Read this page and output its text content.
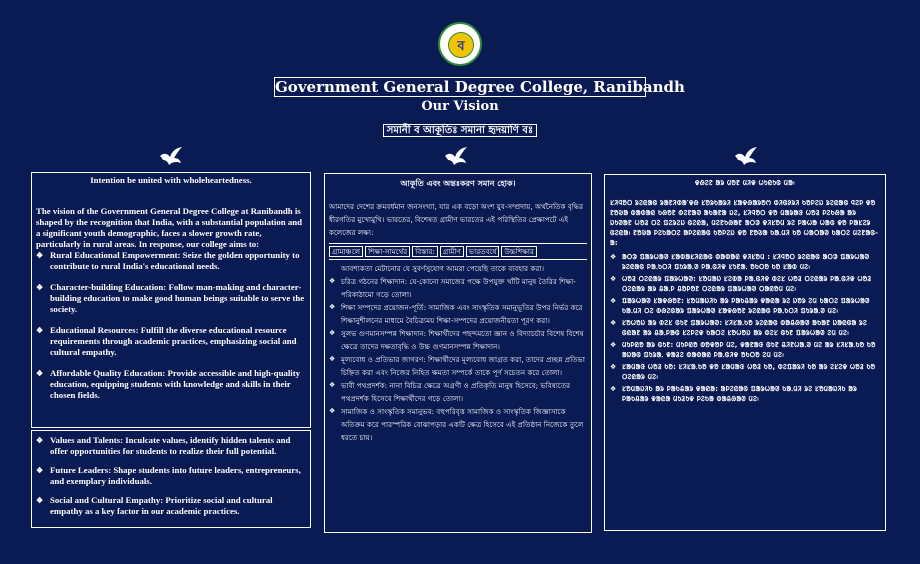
ব
Government General Degree College, Ranibandh
Our Vision
সমানী ব আকূতিঃ সমানা হৃদয়াণি বঃ
Intention be united with wholeheartedness.

The vision of the Government General Degree College at Ranibandh is shaped by the recognition that India, with a substantial population and a significant youth demographic, faces a slower growth rate, particularly in rural areas. In response, our college aims to:

❖ Rural Educational Empowerment: Seize the golden opportunity to contribute to rural India's educational needs.
❖ Character-building Education: Follow man-making and character-building education to make good human beings suitable to serve the society.
❖ Educational Resources: Fulfill the diverse educational resource requirements through academic practices, emphasizing social and cultural empathy.
❖ Affordable Quality Education: Provide accessible and high-quality education, equipping students with knowledge and skills in their chosen fields.
❖ Values and Talents: Inculcate values, identify hidden talents and offer opportunities for students to realize their full potential.
❖ Future Leaders: Shape students into future leaders, entrepreneurs, and exemplary individuals.
❖ Social and Cultural Empathy: Prioritize social and cultural empathy as a key factor in our academic practices.
আকূতি এবং অন্তঃকরণ সমান হোক।
আমাদের দেশের ক্রমবর্ধমান জনসংখ্যা, যার এক বড়ো অংশ যুব-সম্প্রদায়, অর্থনৈতিক বৃদ্ধির ধীরগতির মুখোমুখি। ভারতের, বিশেষত গ্রামীণ ভারতের এই পরিস্থিতির প্রেক্ষাপটে এই কলেজের লক্ষ্য:
গ্রামাঞ্চলে শিক্ষা-সামর্থের বিস্তার: গ্রামীণ ভারতবর্ষে উচ্চশিক্ষার
আবশ্যকতা মেটানোর যে সুবর্ণসুযোগ আমরা পেয়েছি তাকে ব্যবহার করা।
❖ চরিত্র গঠনের শিক্ষাদান: যে-কোনো সমাজের পক্ষে উপযুক্ত খাঁটি মানুষ তৈরির শিক্ষা-পরিকাঠামো গড়ে তোলা।
❖ শিক্ষা সম্পদের প্রয়োজন-পূর্তি: সামাজিক এবং সাংস্কৃতিক সমানুভূতির উপর নির্ভর করে শিক্ষানুশীলনের মাধ্যমে বৈচিত্র্যময় শিক্ষা-সম্পদের প্রয়োজনীয়তা পূরণ করা।
❖ সুলভ গুণমানসম্পন্ন শিক্ষাদান: শিক্ষার্থীদের পছন্দমতো জ্ঞান ও বিদ্যাচর্চার বিশেষ বিশেষ ক্ষেত্রে তাদের দক্ষতাবৃদ্ধি ও উচ্চ গুণমানসম্পন্ন শিক্ষাদান।
❖ মূল্যবোধ ও প্রতিভার জাগরণ: শিক্ষার্থীদের মূল্যবোধ জাগ্রত করা, তাদের প্রচ্ছন্ন প্রতিভা চিহ্নিত করা এবং নিজের নিহিত ক্ষমতা সম্পর্কে তাকে পূর্ণ সচেতন করে তোলা।
❖ ভাবী পথপ্রদর্শক: নানা বিচিত্র ক্ষেত্রে অগ্রণী ও প্রতিকৃতি মানুষ হিসেবে; ভবিষ্যতের পথপ্রদর্শক হিসেবে শিক্ষার্থীদের গড়ে তোলা।
❖ সামাজিক ও সাংস্কৃতিক সমানুভব: বহুপরিবৃত্ত সামাজিক ও সাংস্কৃতিক জিজ্ঞাসাকে অতিক্রম করে পারস্পরিক বোঝাপড়ার একটি ক্ষেত্র হিসেবে এই প্রতিষ্ঠান নিজেকে তুলে ধরতে চায়।
ᱫᱷᱮᱱ ᱟᱨ ᱢᱚᱱ ᱢᱤᱫ ᱦᱩᱭᱩᱜ ᱢᱟ᱾

ᱥᱤᱧᱚᱛ ᱨᱮᱭᱟᱜ ᱨᱟᱱᱤᱵᱟᱸᱫᱷ ᱥᱚᱨᱠᱟᱨᱤ ᱥᱟᱫᱷᱟᱨᱚᱬ ᱰᱤᱜᱽᱨᱤ ᱠᱚᱞᱮᱡ ᱨᱮᱭᱟᱜ ᱧᱮᱞ ᱫᱚ ᱱᱚᱶᱟ ᱵᱟᱰᱟᱭ ᱠᱷᱚᱱ ᱵᱮᱱᱟᱣ ᱟᱠᱟᱱᱟ ᱡᱮ, ᱥᱤᱧᱚᱛ ᱫᱚ ᱢᱟᱨᱟᱝ ᱦᱚᱲ ᱞᱮᱠᱷᱟ ᱟᱨ ᱡᱩᱣᱟᱱ ᱦᱚᱲ ᱛᱮ ᱯᱮᱨᱮᱡ ᱜᱮᱭᱟ, ᱢᱮᱱᱠᱷᱟᱱ ᱟᱛᱳ ᱫᱤᱥᱚᱢ ᱨᱮ ᱞᱟᱦᱟ ᱦᱟᱜ ᱫᱚ ᱞᱟᱥᱮᱨ ᱜᱮᱭᱟ᱾ ᱱᱚᱶᱟ ᱞᱮᱠᱟᱛᱮ ᱟᱞᱮᱭᱟᱜ ᱠᱚᱞᱮᱡ ᱫᱚ ᱱᱚᱶᱟ ᱠᱟᱹᱢᱤ ᱠᱚ ᱦᱟᱛᱟᱣ ᱠᱟᱛᱮ ᱢᱮᱱᱟᱜ-ᱟ:

❖ ᱟᱛᱳ ᱯᱟᱨᱦᱟᱣ ᱥᱟᱵᱟᱥᱤᱭᱟᱜ ᱵᱟᱰᱟᱭ ᱫᱤᱥᱚᱢ : ᱥᱤᱧᱚᱛ ᱨᱮᱭᱟᱜ ᱟᱛᱳ ᱯᱟᱨᱦᱟᱣ ᱨᱮᱭᱟᱜ ᱞᱟᱹᱠᱛᱤ ᱯᱩᱨᱟᱹᱣ ᱞᱟᱹᱜᱤᱫ ᱥᱩᱱᱟᱹ ᱚᱠᱛᱚ ᱠᱚ ᱥᱟᱵ ᱢᱮ᱾
❖ ᱦᱚᱲ ᱛᱮᱭᱟᱨ ᱯᱟᱨᱦᱟᱣ: ᱥᱚᱢᱟᱡ ᱥᱮᱵᱟ ᱞᱟᱹᱜᱤᱫ ᱵᱮᱥ ᱦᱚᱲ ᱛᱮᱭᱟᱨ ᱞᱟᱹᱜᱤᱫ ᱦᱚᱲ ᱛᱮᱭᱟᱨ ᱟᱨ ᱪᱟᱹᱞ ᱪᱚᱞᱚᱱ ᱛᱮᱭᱟᱨ ᱯᱟᱨᱦᱟᱣ ᱛᱟᱭᱚᱢ ᱢᱮ᱾
❖ ᱯᱟᱨᱦᱟᱣ ᱥᱟᱫᱷᱚᱱ: ᱥᱚᱢᱟᱡᱤᱠ ᱟᱨ ᱞᱟᱠᱪᱟᱨ ᱫᱟᱭᱟ ᱨᱮ ᱡᱚᱨ ᱮᱢ ᱠᱟᱛᱮ ᱯᱟᱨᱦᱟᱣ ᱠᱟᱹᱢᱤ ᱛᱮ ᱵᱷᱮᱜᱟᱨ ᱯᱟᱨᱦᱟᱣ ᱥᱟᱫᱷᱚᱱ ᱨᱮᱭᱟᱜ ᱞᱟᱹᱠᱛᱤ ᱯᱩᱨᱟᱹᱣ ᱢᱮ᱾
❖ ᱥᱚᱦᱚᱡ ᱟᱨ ᱵᱮᱥ ᱜᱩᱱ ᱯᱟᱨᱦᱟᱣ: ᱥᱤᱥᱟᱹᱠᱚ ᱨᱮᱭᱟᱜ ᱵᱟᱪᱷᱟᱣ ᱟᱠᱟᱱ ᱡᱟᱭᱜᱟ ᱨᱮ ᱜᱭᱟᱱ ᱟᱨ ᱪᱟᱹᱞᱟᱜ ᱥᱮᱞᱮᱫ ᱠᱟᱛᱮ ᱥᱚᱦᱚᱡ ᱟᱨ ᱵᱮᱥ ᱜᱩᱱ ᱯᱟᱨᱦᱟᱣ ᱮᱢ ᱢᱮ᱾
❖ ᱢᱩᱞᱭᱚ ᱟᱨ ᱜᱩᱱ: ᱢᱩᱞᱭᱚ ᱵᱚᱫᱚᱞ ᱢᱮ, ᱫᱟᱱᱟᱝ ᱜᱩᱱ ᱪᱤᱱᱦᱟᱹᱣ ᱢᱮ ᱟᱨ ᱥᱤᱥᱟᱹᱠᱚ ᱠᱚ ᱟᱡᱟᱜ ᱯᱩᱨᱟᱹ ᱫᱟᱲᱮ ᱵᱟᱰᱟᱭ ᱞᱟᱹᱜᱤᱫ ᱚᱠᱛᱚ ᱮᱢ ᱢᱮ᱾
❖ ᱥᱟᱢᱟᱝ ᱦᱚᱲ ᱠᱚ: ᱥᱤᱥᱟᱹᱠᱚ ᱫᱚ ᱥᱟᱢᱟᱝ ᱦᱚᱲ ᱠᱚ, ᱵᱮᱯᱟᱨᱤ ᱠᱚ ᱟᱨ ᱮᱥᱮᱫ ᱦᱚᱲ ᱠᱚ ᱛᱮᱭᱟᱨ ᱢᱮ᱾
❖ ᱥᱚᱢᱟᱡᱤᱠ ᱟᱨ ᱞᱟᱠᱪᱟᱨ ᱫᱟᱭᱟ: ᱟᱞᱮᱭᱟᱜ ᱯᱟᱨᱦᱟᱣ ᱠᱟᱹᱢᱤ ᱨᱮ ᱥᱚᱢᱟᱡᱤᱠ ᱟᱨ ᱞᱟᱠᱪᱟᱨ ᱫᱟᱭᱟ ᱢᱩᱲᱩᱫ ᱞᱮᱠᱟ ᱵᱟᱪᱷᱟᱣ ᱢᱮ᱾
